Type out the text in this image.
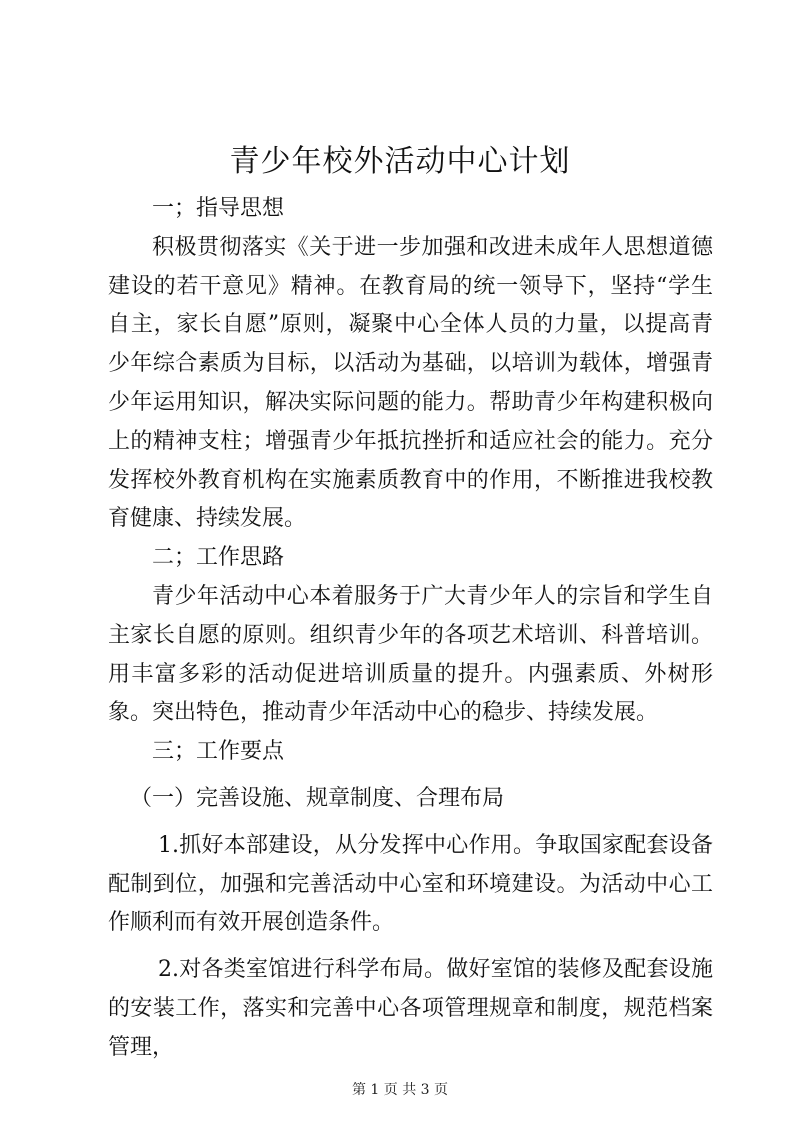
青少年校外活动中心计划

一；指导思想

积极贯彻落实《关于进一步加强和改进未成年人思想道德建设的若干意见》精神。在教育局的统一领导下，坚持“学生自主，家长自愿”原则，凝聚中心全体人员的力量，以提高青少年综合素质为目标，以活动为基础，以培训为载体，增强青少年运用知识，解决实际问题的能力。帮助青少年构建积极向上的精神支柱；增强青少年抵抗挫折和适应社会的能力。充分发挥校外教育机构在实施素质教育中的作用，不断推进我校教育健康、持续发展。

二；工作思路

青少年活动中心本着服务于广大青少年人的宗旨和学生自主家长自愿的原则。组织青少年的各项艺术培训、科普培训。用丰富多彩的活动促进培训质量的提升。内强素质、外树形象。突出特色，推动青少年活动中心的稳步、持续发展。

三；工作要点

（一）完善设施、规章制度、合理布局

1.抓好本部建设，从分发挥中心作用。争取国家配套设备配制到位，加强和完善活动中心室和环境建设。为活动中心工作顺利而有效开展创造条件。

2.对各类室馆进行科学布局。做好室馆的装修及配套设施的安装工作，落实和完善中心各项管理规章和制度，规范档案管理，

第 1 页 共 3 页
